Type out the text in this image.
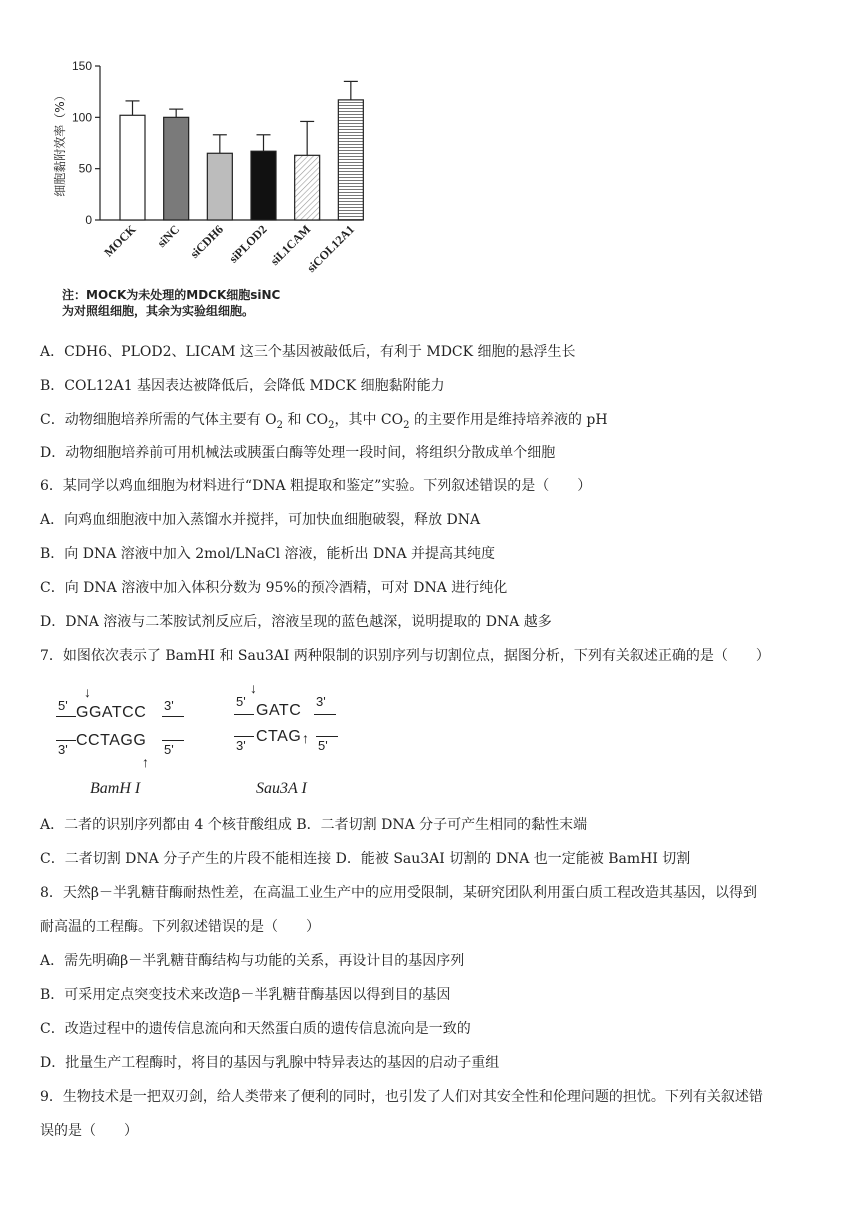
0
50
100
150
细胞黏附效率（%）
MOCK siNC siCDH6 siPLOD2
siL1CAM
siCOL12A1
注：MOCK为未处理的MDCK细胞siNC
为对照组细胞，其余为实验组细胞。
A．CDH6、PLOD2、LICAM 这三个基因被敲低后，有利于 MDCK 细胞的悬浮生长
B．COL12A1 基因表达被降低后，会降低 MDCK 细胞黏附能力
C．动物细胞培养所需的气体主要有 $O_2$ 和 $CO_2$，其中 $CO_2$ 的主要作用是维持培养液的 pH
D．动物细胞培养前可用机械法或胰蛋白酶等处理一段时间，将组织分散成单个细胞
6．某同学以鸡血细胞为材料进行“DNA 粗提取和鉴定”实验。下列叙述错误的是（　　）
A．向鸡血细胞液中加入蒸馏水并搅拌，可加快血细胞破裂，释放 DNA
B．向 DNA 溶液中加入 2mol/LNaCl 溶液，能析出 DNA 并提高其纯度
C．向 DNA 溶液中加入体积分数为 95%的预冷酒精，可对 DNA 进行纯化
D．DNA 溶液与二苯胺试剂反应后，溶液呈现的蓝色越深，说明提取的 DNA 越多
7．如图依次表示了 BamHI 和 Sau3AI 两种限制的识别序列与切割位点，据图分析，下列有关叙述正确的是（　　）
5'
↓
GGATCC 3'
3'
CCTAGG
5'
↑
BamH I
5'
↓
GATC
3'
3'
CTAG
5'
↑
Sau3A I
A．二者的识别序列都由 4 个核苷酸组成 B．二者切割 DNA 分子可产生相同的黏性末端
C．二者切割 DNA 分子产生的片段不能相连接 D．能被 Sau3AI 切割的 DNA 也一定能被 BamHI 切割
8．天然β－半乳糖苷酶耐热性差，在高温工业生产中的应用受限制，某研究团队利用蛋白质工程改造其基因，以得到
耐高温的工程酶。下列叙述错误的是（　　）
A．需先明确β－半乳糖苷酶结构与功能的关系，再设计目的基因序列
B．可采用定点突变技术来改造β－半乳糖苷酶基因以得到目的基因
C．改造过程中的遗传信息流向和天然蛋白质的遗传信息流向是一致的
D．批量生产工程酶时，将目的基因与乳腺中特异表达的基因的启动子重组
9．生物技术是一把双刃剑，给人类带来了便利的同时，也引发了人们对其安全性和伦理问题的担忧。下列有关叙述错
误的是（　　）
